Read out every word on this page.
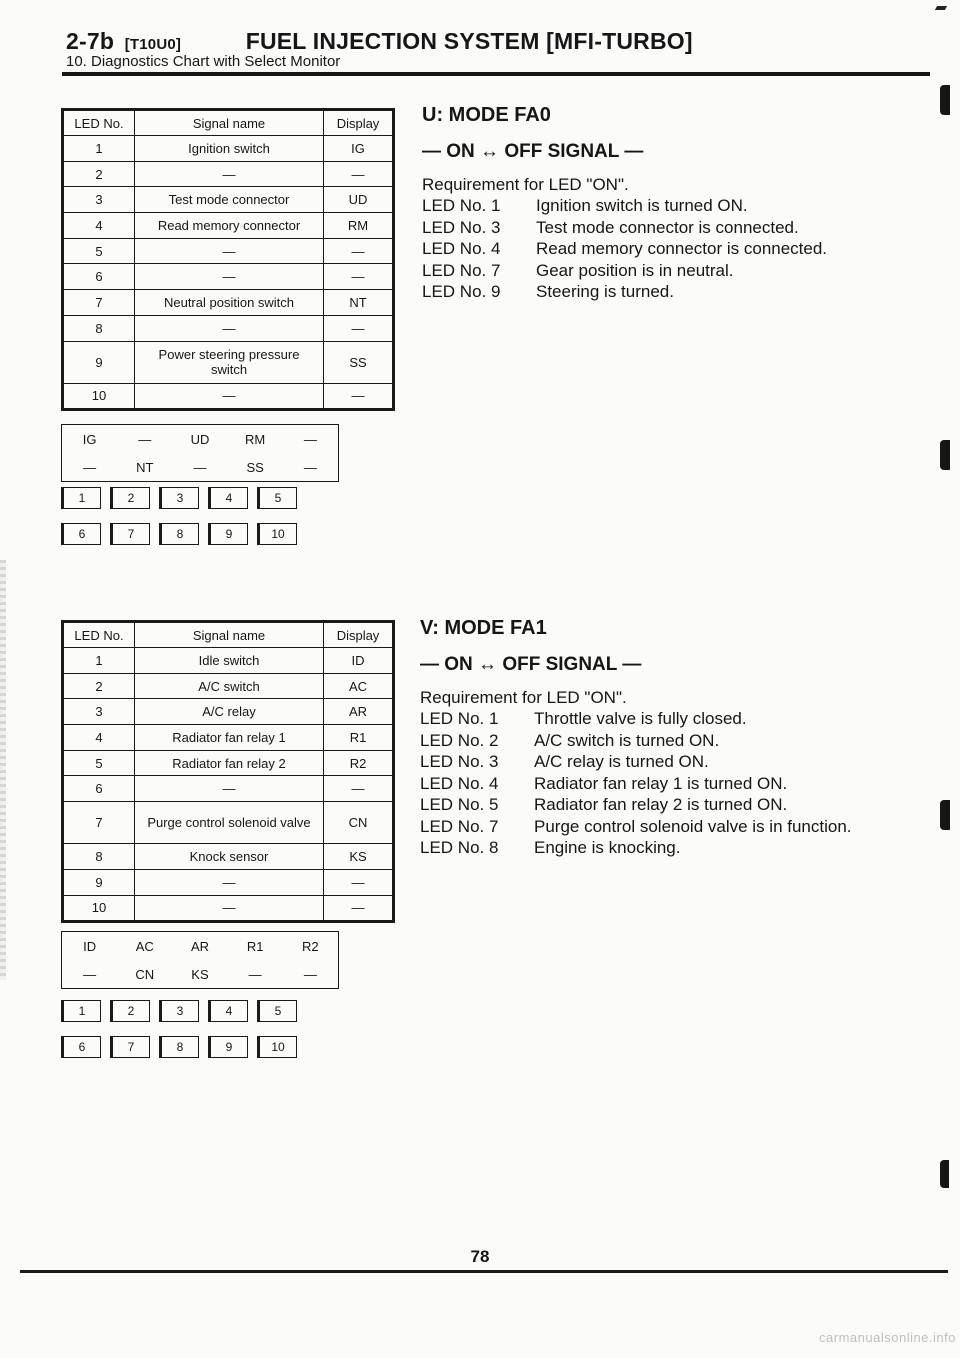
2-7b [T10U0]	FUEL INJECTION SYSTEM [MFI-TURBO]
10. Diagnostics Chart with Select Monitor
LED No.	Signal name	Display
1	Ignition switch	IG
2	—	—
3	Test mode connector	UD
4	Read memory connector	RM
5	—	—
6	—	—
7	Neutral position switch	NT
8	—	—
9	Power steering pressure switch	SS
10	—	—
IG	—	UD	RM	—
—	NT	—	SS	—
1	2	3	4	5
6	7	8	9	10
U: MODE FA0
— ON ↔ OFF SIGNAL —
Requirement for LED "ON".
LED No. 1	Ignition switch is turned ON.
LED No. 3	Test mode connector is connected.
LED No. 4	Read memory connector is connected.
LED No. 7	Gear position is in neutral.
LED No. 9	Steering is turned.
LED No.	Signal name	Display
1	Idle switch	ID
2	A/C switch	AC
3	A/C relay	AR
4	Radiator fan relay 1	R1
5	Radiator fan relay 2	R2
6	—	—
7	Purge control solenoid valve	CN
8	Knock sensor	KS
9	—	—
10	—	—
ID	AC	AR	R1	R2
—	CN	KS	—	—
1	2	3	4	5
6	7	8	9	10
V: MODE FA1
— ON ↔ OFF SIGNAL —
Requirement for LED "ON".
LED No. 1	Throttle valve is fully closed.
LED No. 2	A/C switch is turned ON.
LED No. 3	A/C relay is turned ON.
LED No. 4	Radiator fan relay 1 is turned ON.
LED No. 5	Radiator fan relay 2 is turned ON.
LED No. 7	Purge control solenoid valve is in function.
LED No. 8	Engine is knocking.
78
carmanualsonline.info
